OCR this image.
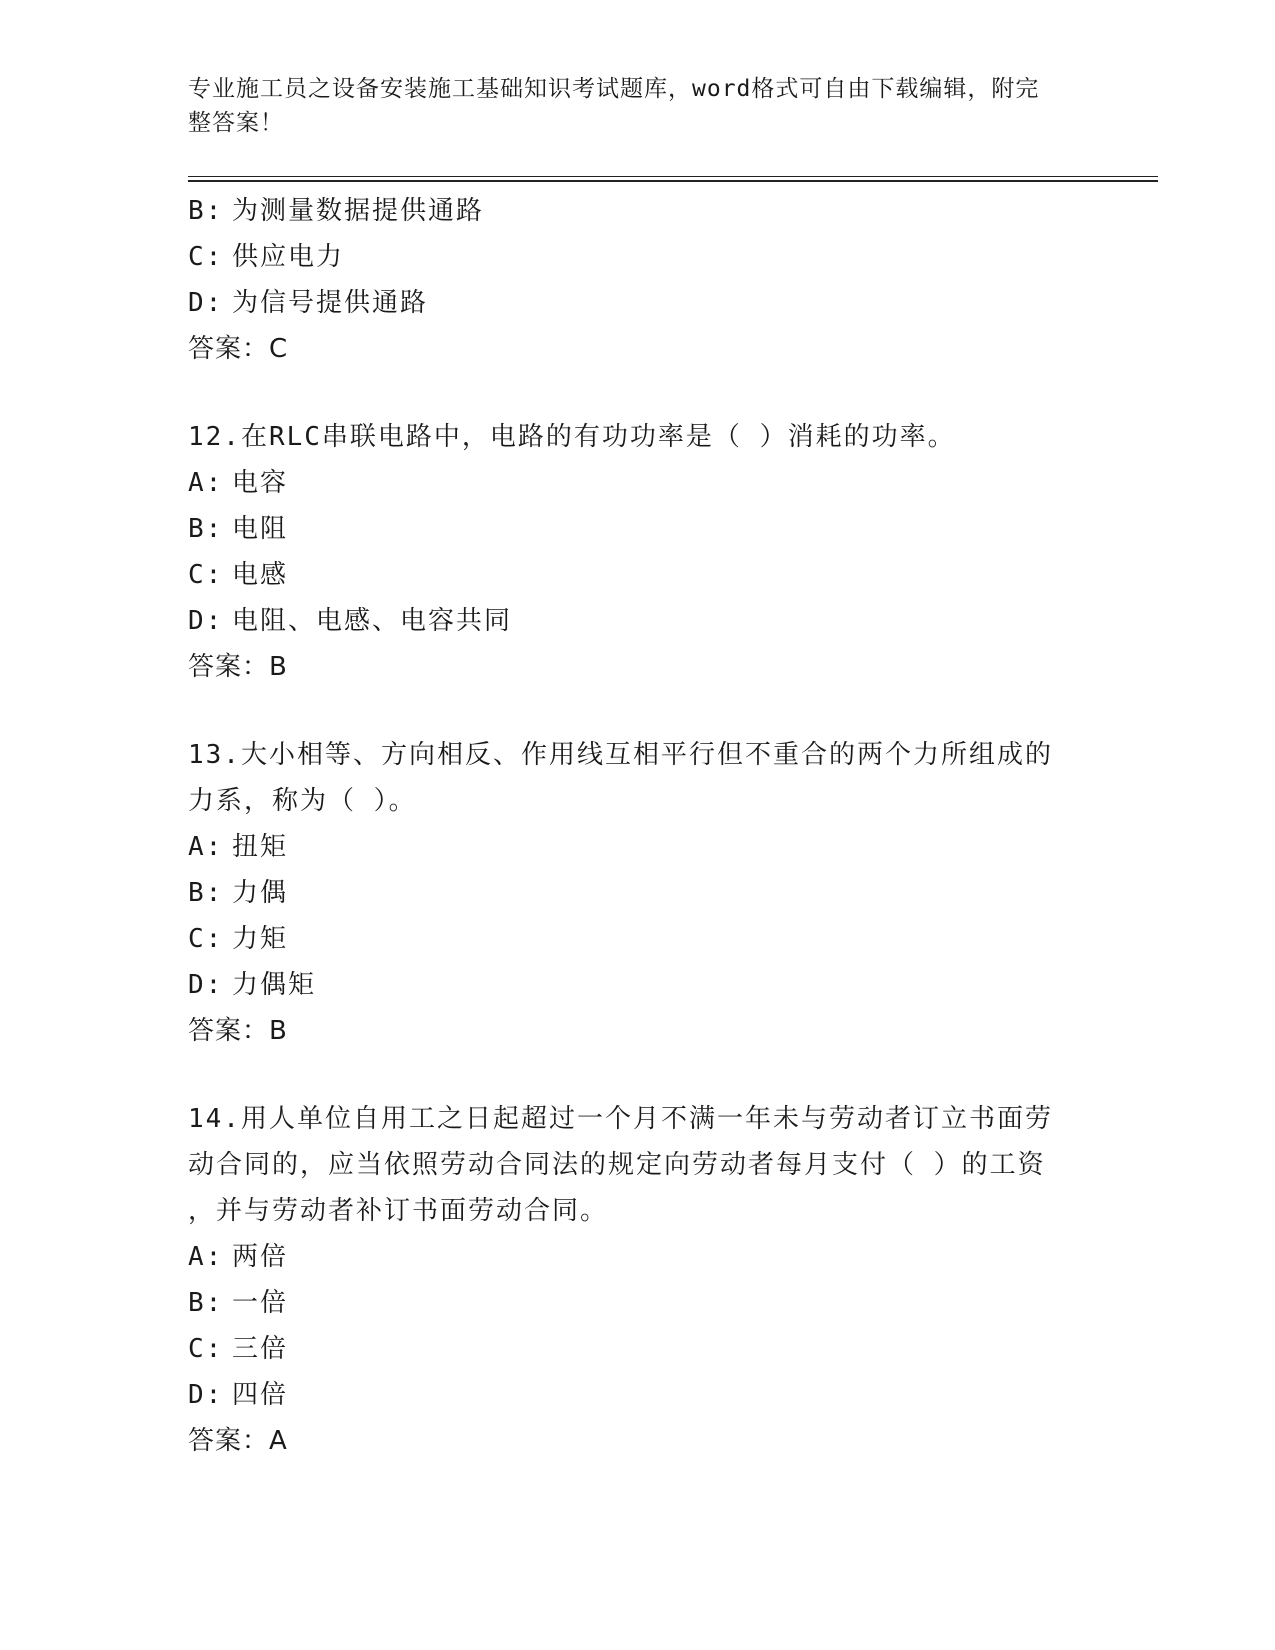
专业施工员之设备安装施工基础知识考试题库，word格式可自由下载编辑，附完
整答案！
B: 为测量数据提供通路
C: 供应电力
D: 为信号提供通路
答案：C
12.在RLC串联电路中，电路的有功功率是（ ）消耗的功率。
A: 电容
B: 电阻
C: 电感
D: 电阻、电感、电容共同
答案：B
13.大小相等、方向相反、作用线互相平行但不重合的两个力所组成的
力系，称为（ ）。
A: 扭矩
B: 力偶
C: 力矩
D: 力偶矩
答案：B
14.用人单位自用工之日起超过一个月不满一年未与劳动者订立书面劳
动合同的，应当依照劳动合同法的规定向劳动者每月支付（ ）的工资
，并与劳动者补订书面劳动合同。
A: 两倍
B: 一倍
C: 三倍
D: 四倍
答案：A
